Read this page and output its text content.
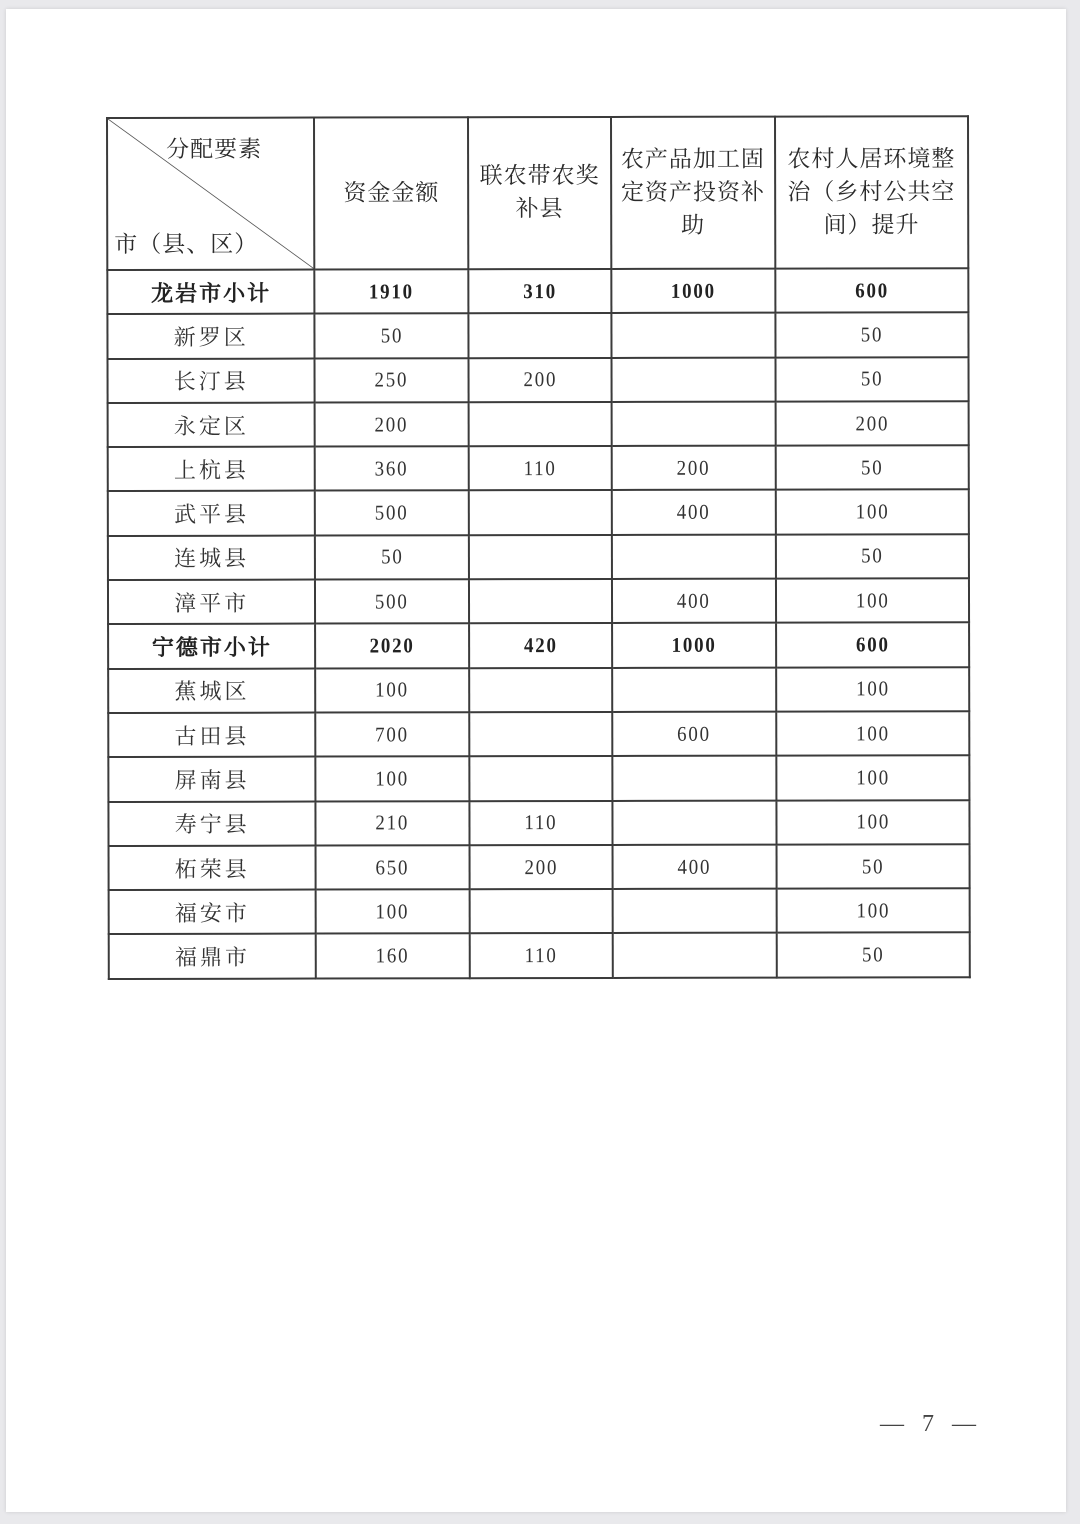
分配要素
市（县、区）	资金金额	联农带农奖补县	农产品加工固定资产投资补助	农村人居环境整治（乡村公共空间）提升
龙岩市小计	1910	310	1000	600
新罗区	50			50
长汀县	250	200		50
永定区	200			200
上杭县	360	110	200	50
武平县	500		400	100
连城县	50			50
漳平市	500		400	100
宁德市小计	2020	420	1000	600
蕉城区	100			100
古田县	700		600	100
屏南县	100			100
寿宁县	210	110		100
柘荣县	650	200	400	50
福安市	100			100
福鼎市	160	110		50
— 7 —
